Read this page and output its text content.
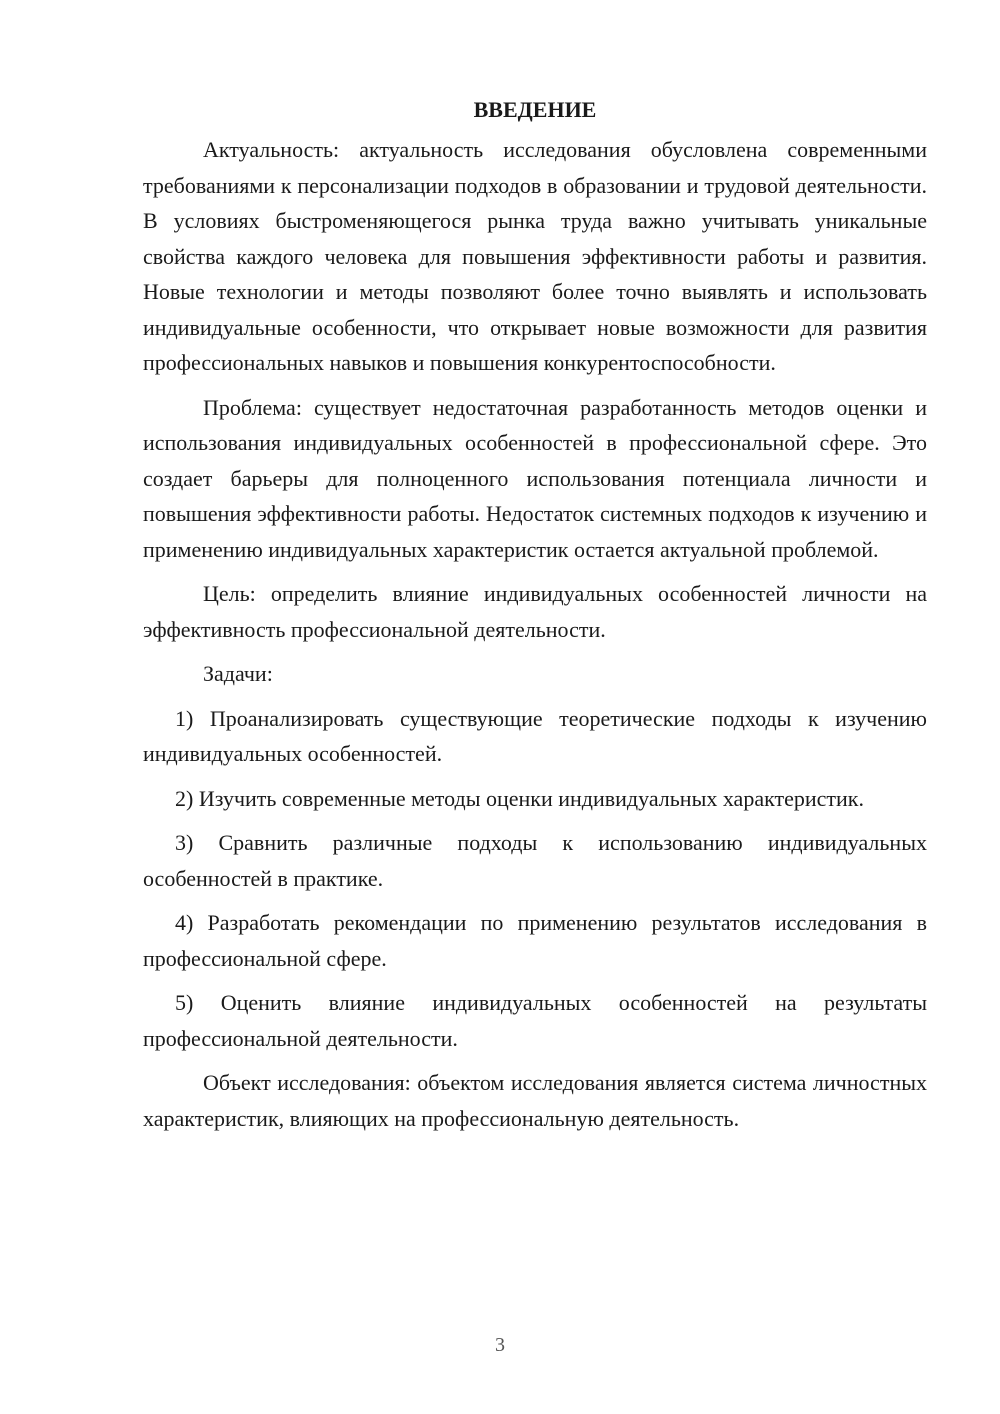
ВВЕДЕНИЕ

Актуальность: актуальность исследования обусловлена современными требованиями к персонализации подходов в образовании и трудовой деятельности. В условиях быстроменяющегося рынка труда важно учитывать уникальные свойства каждого человека для повышения эффективности работы и развития. Новые технологии и методы позволяют более точно выявлять и использовать индивидуальные особенности, что открывает новые возможности для развития профессиональных навыков и повышения конкурентоспособности.

Проблема: существует недостаточная разработанность методов оценки и использования индивидуальных особенностей в профессиональной сфере. Это создает барьеры для полноценного использования потенциала личности и повышения эффективности работы. Недостаток системных подходов к изучению и применению индивидуальных характеристик остается актуальной проблемой.

Цель: определить влияние индивидуальных особенностей личности на эффективность профессиональной деятельности.

Задачи:

1) Проанализировать существующие теоретические подходы к изучению индивидуальных особенностей.

2) Изучить современные методы оценки индивидуальных характеристик.

3) Сравнить различные подходы к использованию индивидуальных особенностей в практике.

4) Разработать рекомендации по применению результатов исследования в профессиональной сфере.

5) Оценить влияние индивидуальных особенностей на результаты профессиональной деятельности.

Объект исследования: объектом исследования является система личностных характеристик, влияющих на профессиональную деятельность.

3
